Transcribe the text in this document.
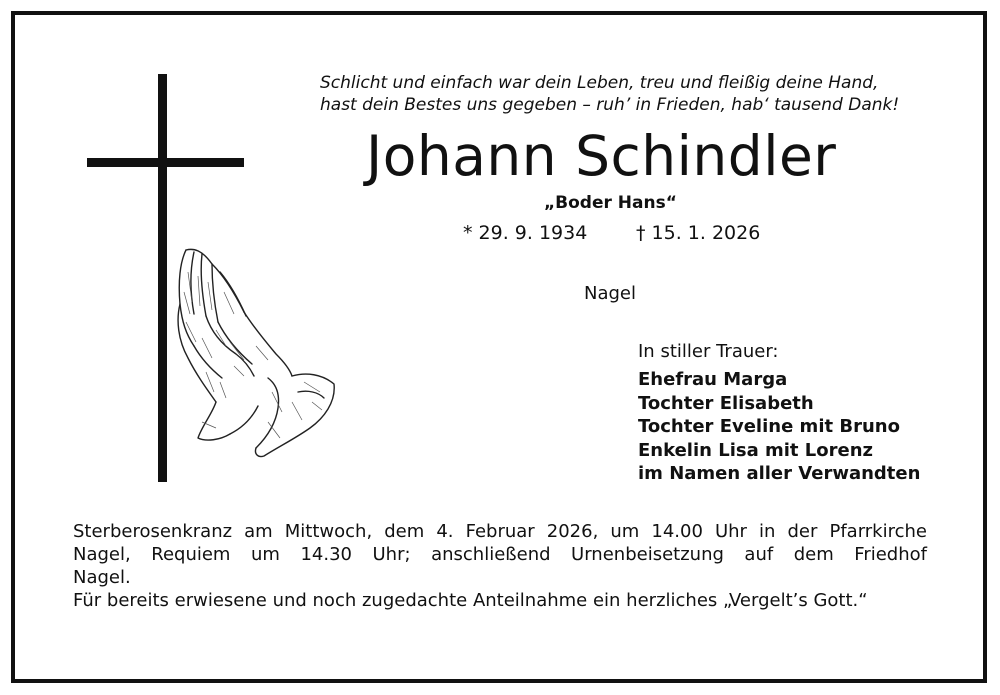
Schlicht und einfach war dein Leben, treu und fleißig deine Hand,
hast dein Bestes uns gegeben – ruh’ in Frieden, hab‘ tausend Dank!
Johann Schindler
„Boder Hans“
* 29. 9. 1934	† 15. 1. 2026
Nagel
In stiller Trauer:
Ehefrau Marga
Tochter Elisabeth
Tochter Eveline mit Bruno
Enkelin Lisa mit Lorenz
im Namen aller Verwandten
Sterberosenkranz am Mittwoch, dem 4. Februar 2026, um 14.00 Uhr in der Pfarrkirche
Nagel, Requiem um 14.30 Uhr; anschließend Urnenbeisetzung auf dem Friedhof
Nagel.
Für bereits erwiesene und noch zugedachte Anteilnahme ein herzliches „Vergelt’s Gott.“
